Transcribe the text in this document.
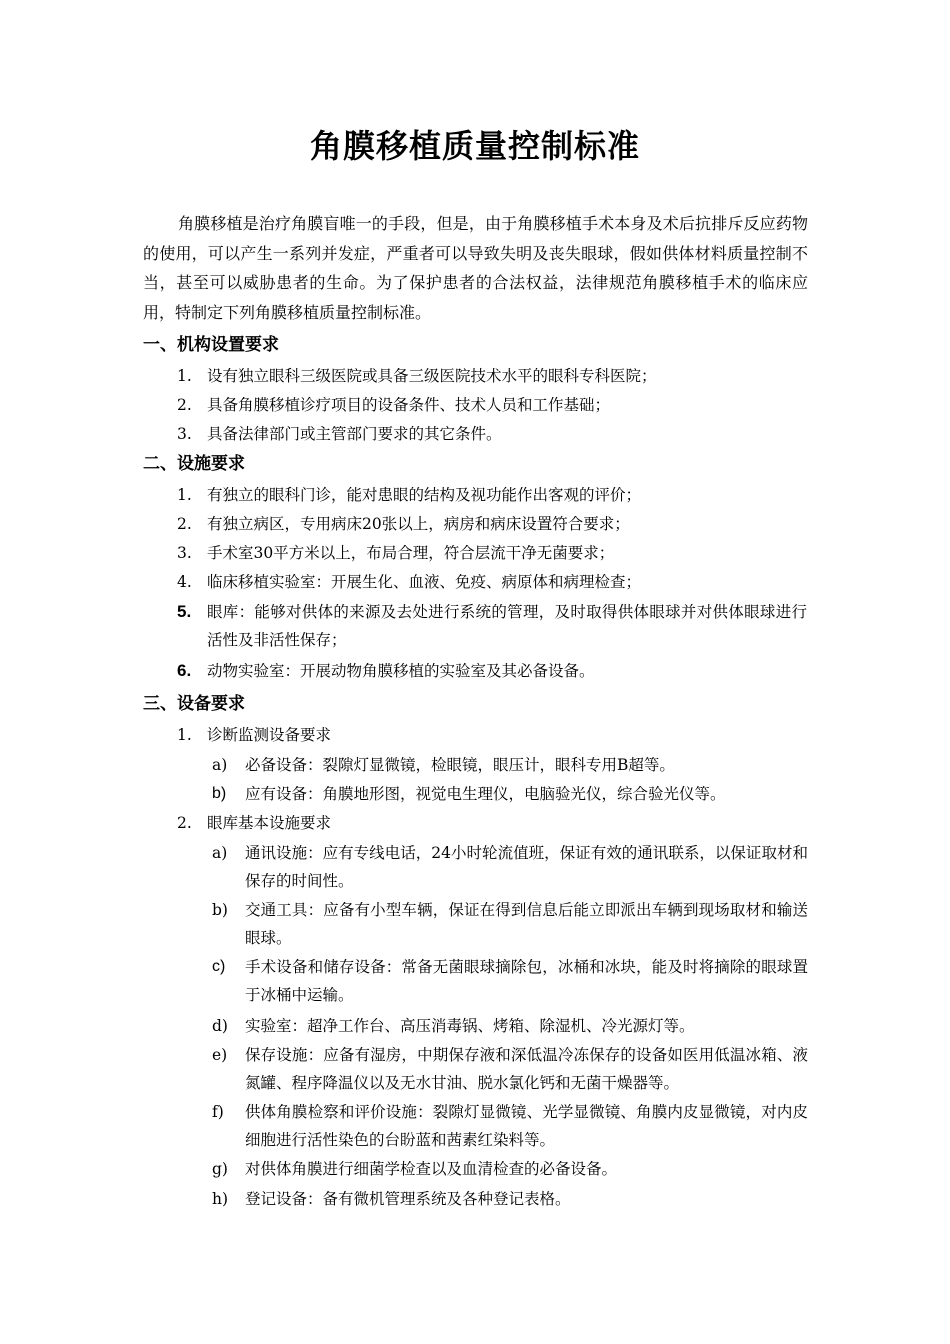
角膜移植质量控制标准

角膜移植是治疗角膜盲唯一的手段，但是，由于角膜移植手术本身及术后抗排斥反应药物的使用，可以产生一系列并发症，严重者可以导致失明及丧失眼球，假如供体材料质量控制不当，甚至可以威胁患者的生命。为了保护患者的合法权益，法律规范角膜移植手术的临床应用，特制定下列角膜移植质量控制标准。

一、机构设置要求
1. 设有独立眼科三级医院或具备三级医院技术水平的眼科专科医院；
2. 具备角膜移植诊疗项目的设备条件、技术人员和工作基础；
3. 具备法律部门或主管部门要求的其它条件。
二、设施要求
1. 有独立的眼科门诊，能对患眼的结构及视功能作出客观的评价；
2. 有独立病区，专用病床20张以上，病房和病床设置符合要求；
3. 手术室30平方米以上，布局合理，符合层流干净无菌要求；
4. 临床移植实验室：开展生化、血液、免疫、病原体和病理检查；
5.	眼库：能够对供体的来源及去处进行系统的管理，及时取得供体眼球并对供体眼球进行活性及非活性保存；
6.	动物实验室：开展动物角膜移植的实验室及其必备设备。
三、设备要求
1. 诊断监测设备要求
a)	必备设备：裂隙灯显微镜，检眼镜，眼压计，眼科专用B超等。
b)	应有设备：角膜地形图，视觉电生理仪，电脑验光仪，综合验光仪等。
2. 眼库基本设施要求
a)	通讯设施：应有专线电话，24小时轮流值班，保证有效的通讯联系，以保证取材和保存的时间性。
b)	交通工具：应备有小型车辆，保证在得到信息后能立即派出车辆到现场取材和输送眼球。
c)	手术设备和储存设备：常备无菌眼球摘除包，冰桶和冰块，能及时将摘除的眼球置于冰桶中运输。
d)	实验室：超净工作台、高压消毒锅、烤箱、除湿机、冷光源灯等。
e)	保存设施：应备有湿房，中期保存液和深低温冷冻保存的设备如医用低温冰箱、液氮罐、程序降温仪以及无水甘油、脱水氯化钙和无菌干燥器等。
f)	供体角膜检察和评价设施：裂隙灯显微镜、光学显微镜、角膜内皮显微镜，对内皮细胞进行活性染色的台盼蓝和茜素红染料等。
g)	对供体角膜进行细菌学检查以及血清检查的必备设备。
h)	登记设备：备有微机管理系统及各种登记表格。
